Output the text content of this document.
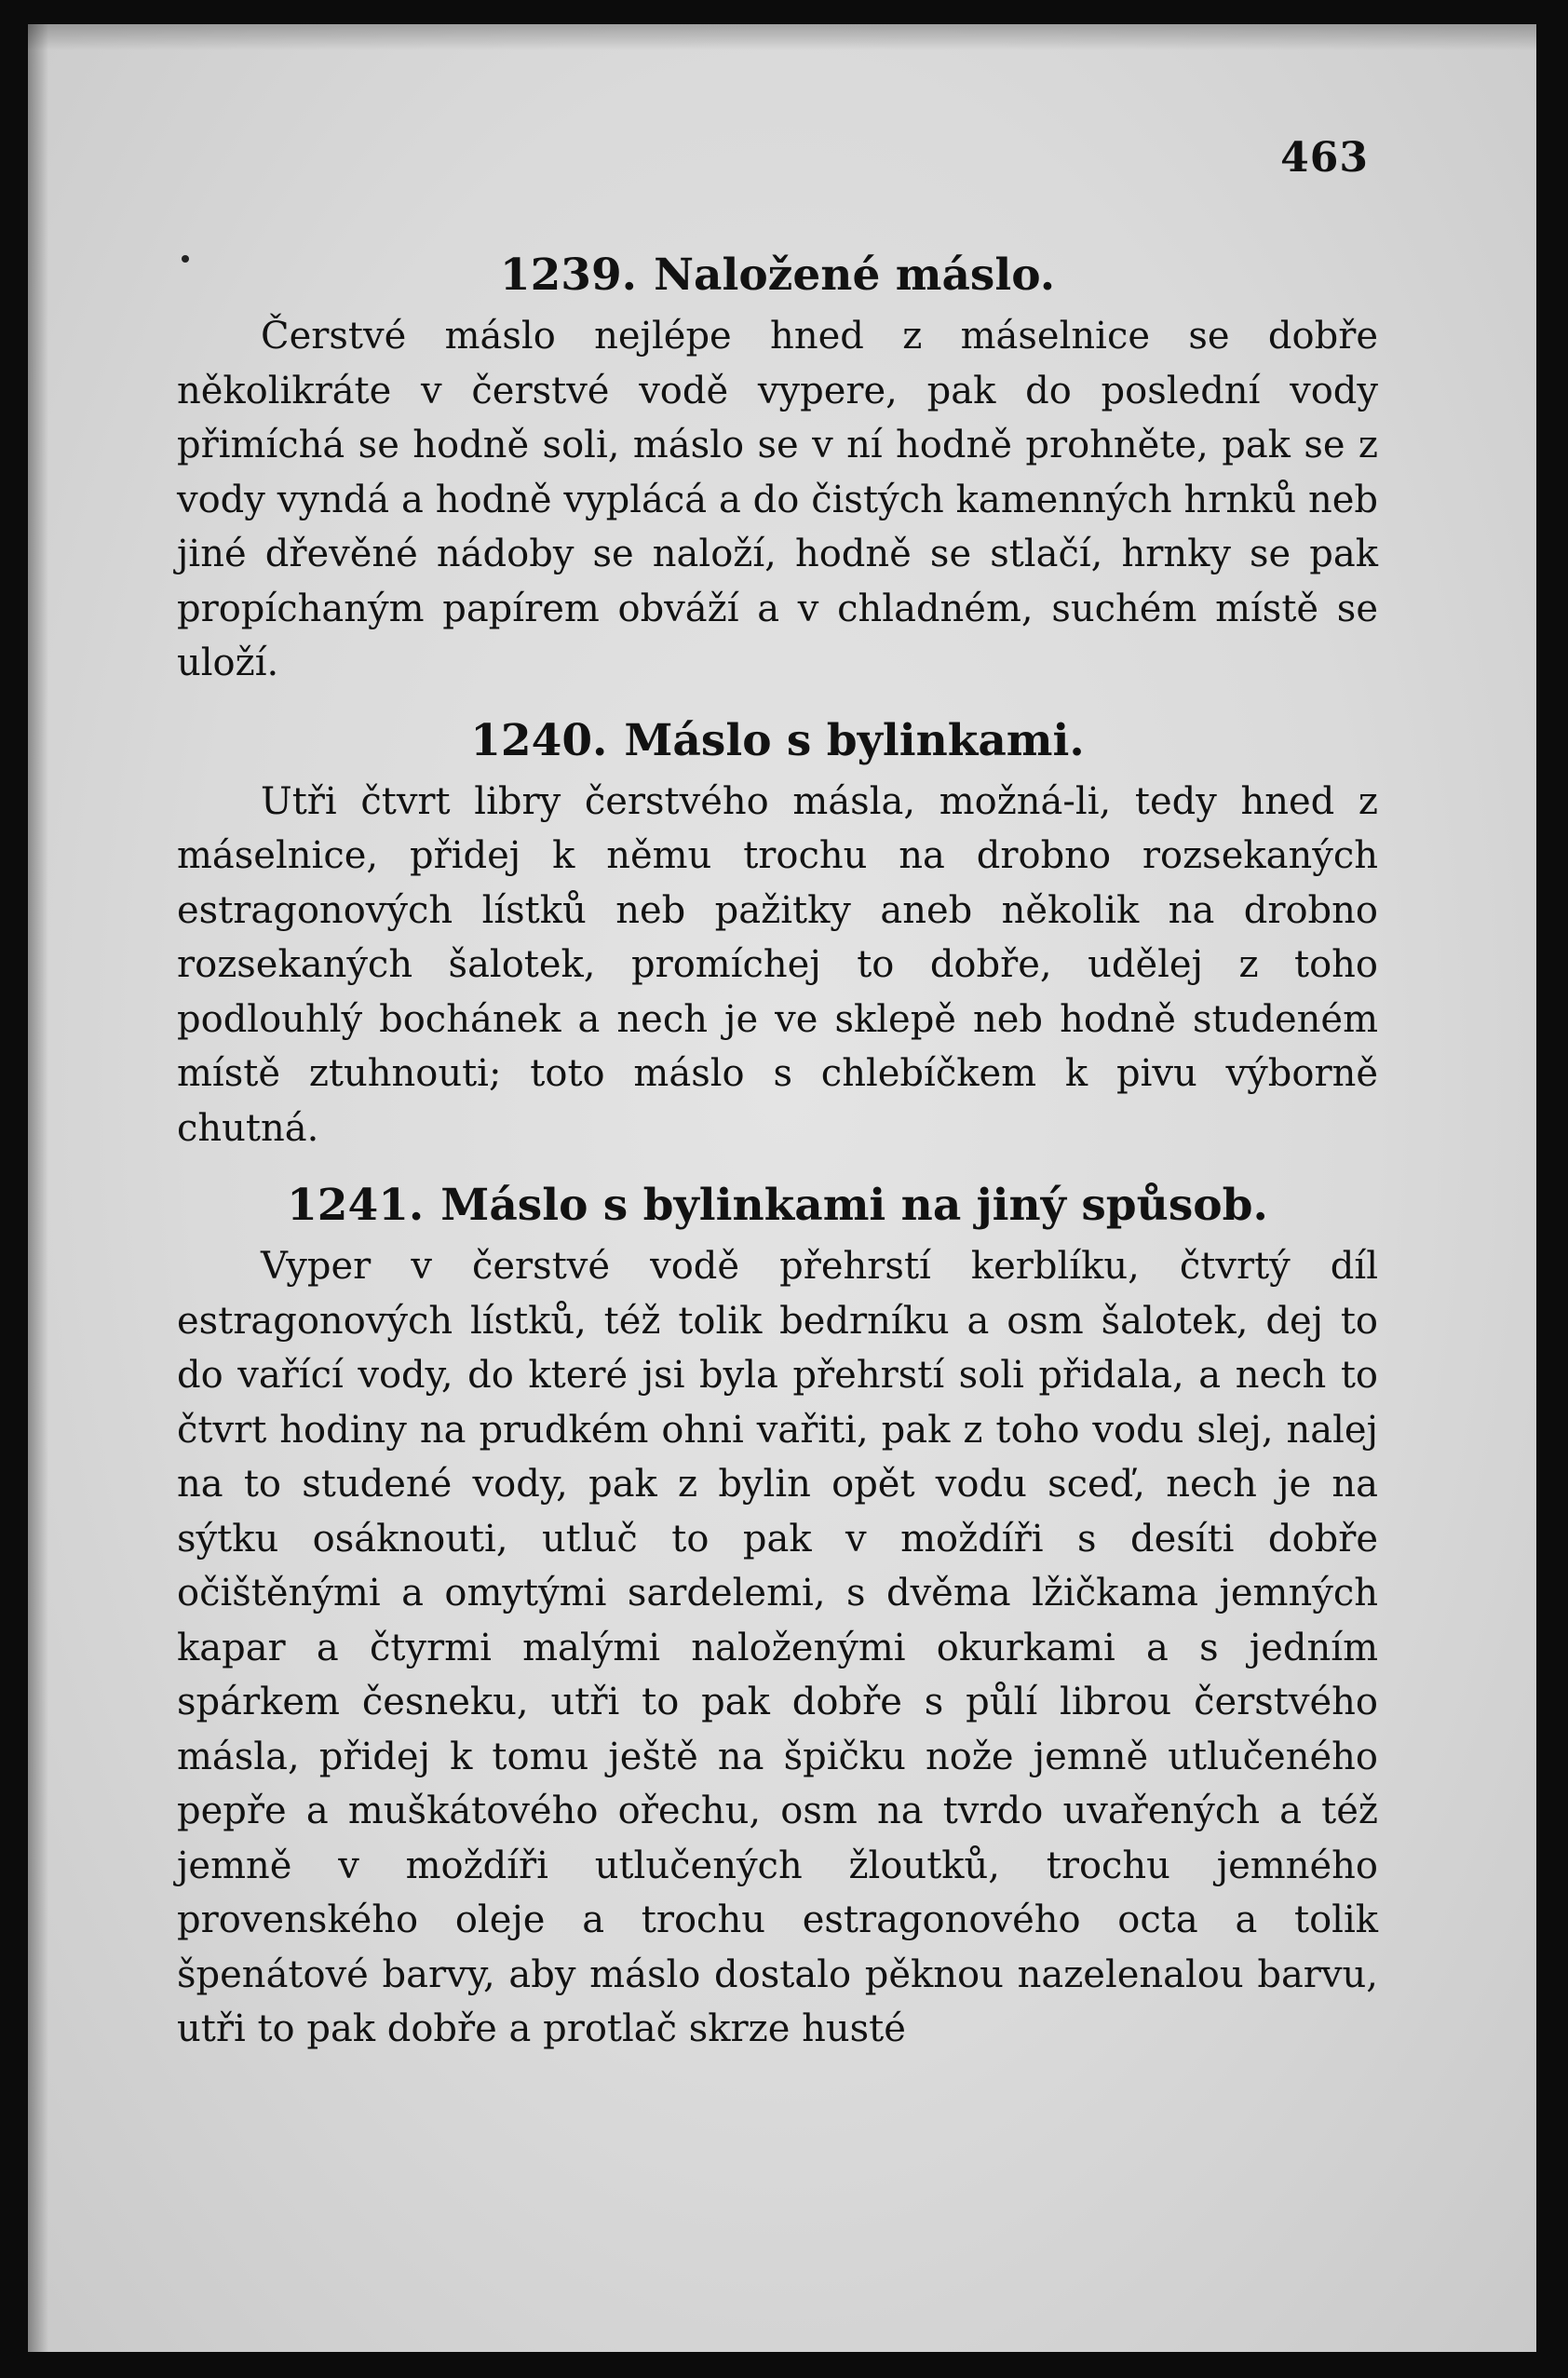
463
1239. Naložené máslo.

Čerstvé máslo nejlépe hned z máselnice se dobře několikráte v čerstvé vodě vypere, pak do poslední vody přimíchá se hodně soli, máslo se v ní hodně prohněte, pak se z vody vyndá a hodně vyplácá a do čistých kamenných hrnků neb jiné dřevěné nádoby se naloží, hodně se stlačí, hrnky se pak propíchaným papírem obváží a v chladném, suchém místě se uloží.

1240. Máslo s bylinkami.

Utři čtvrt libry čerstvého másla, možná-li, tedy hned z máselnice, přidej k němu trochu na drobno rozsekaných estragonových lístků neb pažitky aneb několik na drobno rozsekaných šalotek, promíchej to dobře, udělej z toho podlouhlý bochánek a nech je ve sklepě neb hodně studeném místě ztuhnouti; toto máslo s chlebíčkem k pivu výborně chutná.

1241. Máslo s bylinkami na jiný spůsob.

Vyper v čerstvé vodě přehrstí kerblíku, čtvrtý díl estragonových lístků, též tolik bedrníku a osm šalotek, dej to do vařící vody, do které jsi byla přehrstí soli přidala, a nech to čtvrt hodiny na prudkém ohni vařiti, pak z toho vodu slej, nalej na to studené vody, pak z bylin opět vodu sceď, nech je na sýtku osáknouti, utluč to pak v moždíři s desíti dobře očištěnými a omytými sardelemi, s dvěma lžičkama jemných kapar a čtyrmi malými naloženými okurkami a s jedním spárkem česneku, utři to pak dobře s půlí librou čerstvého másla, přidej k tomu ještě na špičku nože jemně utlučeného pepře a muškátového ořechu, osm na tvrdo uvařených a též jemně v moždíři utlučených žloutků, trochu jemného provenského oleje a trochu estragonového octa a tolik špenátové barvy, aby máslo dostalo pěknou nazelenalou barvu, utři to pak dobře a protlač skrze husté
